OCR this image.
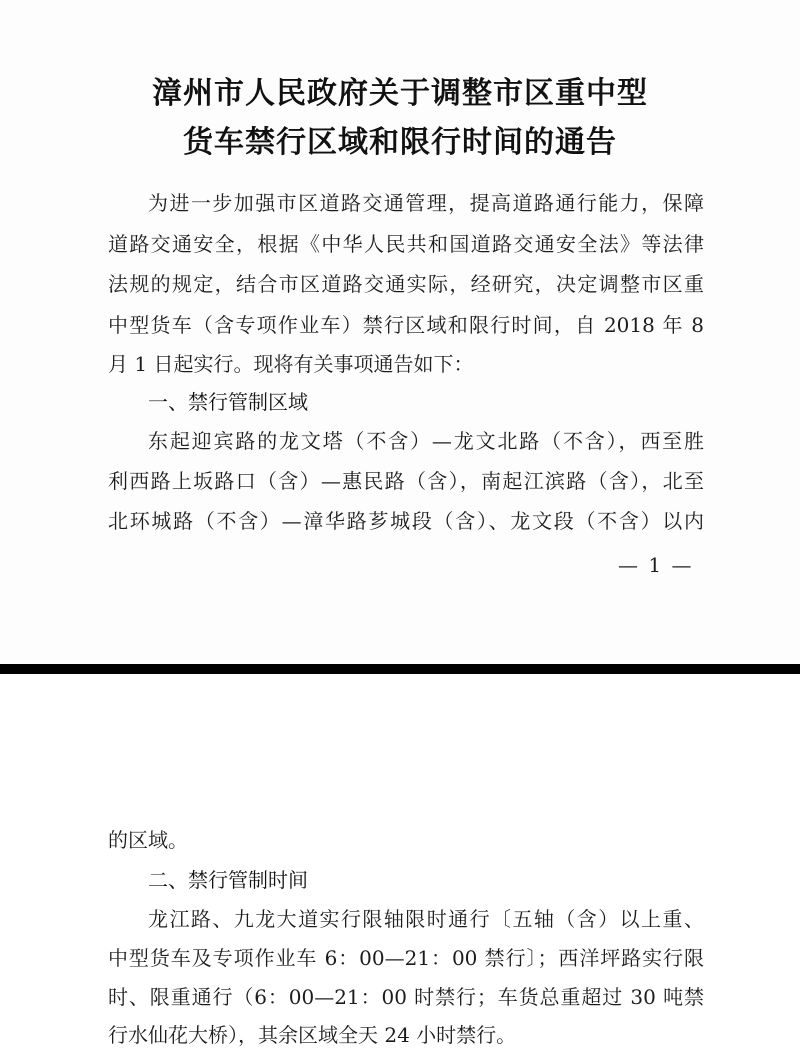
漳州市人民政府关于调整市区重中型
货车禁行区域和限行时间的通告
为进一步加强市区道路交通管理，提高道路通行能力，保障
道路交通安全，根据《中华人民共和国道路交通安全法》等法律
法规的规定，结合市区道路交通实际，经研究，决定调整市区重
中型货车（含专项作业车）禁行区域和限行时间，自 2018 年 8
月 1 日起实行。现将有关事项通告如下：
一、禁行管制区域
东起迎宾路的龙文塔（不含）—龙文北路（不含），西至胜
利西路上坂路口（含）—惠民路（含），南起江滨路（含），北至
北环城路（不含）—漳华路芗城段（含）、龙文段（不含）以内
— 1 —
的区域。
二、禁行管制时间
龙江路、九龙大道实行限轴限时通行〔五轴（含）以上重、
中型货车及专项作业车 6：00—21：00 禁行〕；西洋坪路实行限
时、限重通行（6：00—21：00 时禁行；车货总重超过 30 吨禁
行水仙花大桥），其余区域全天 24 小时禁行。
